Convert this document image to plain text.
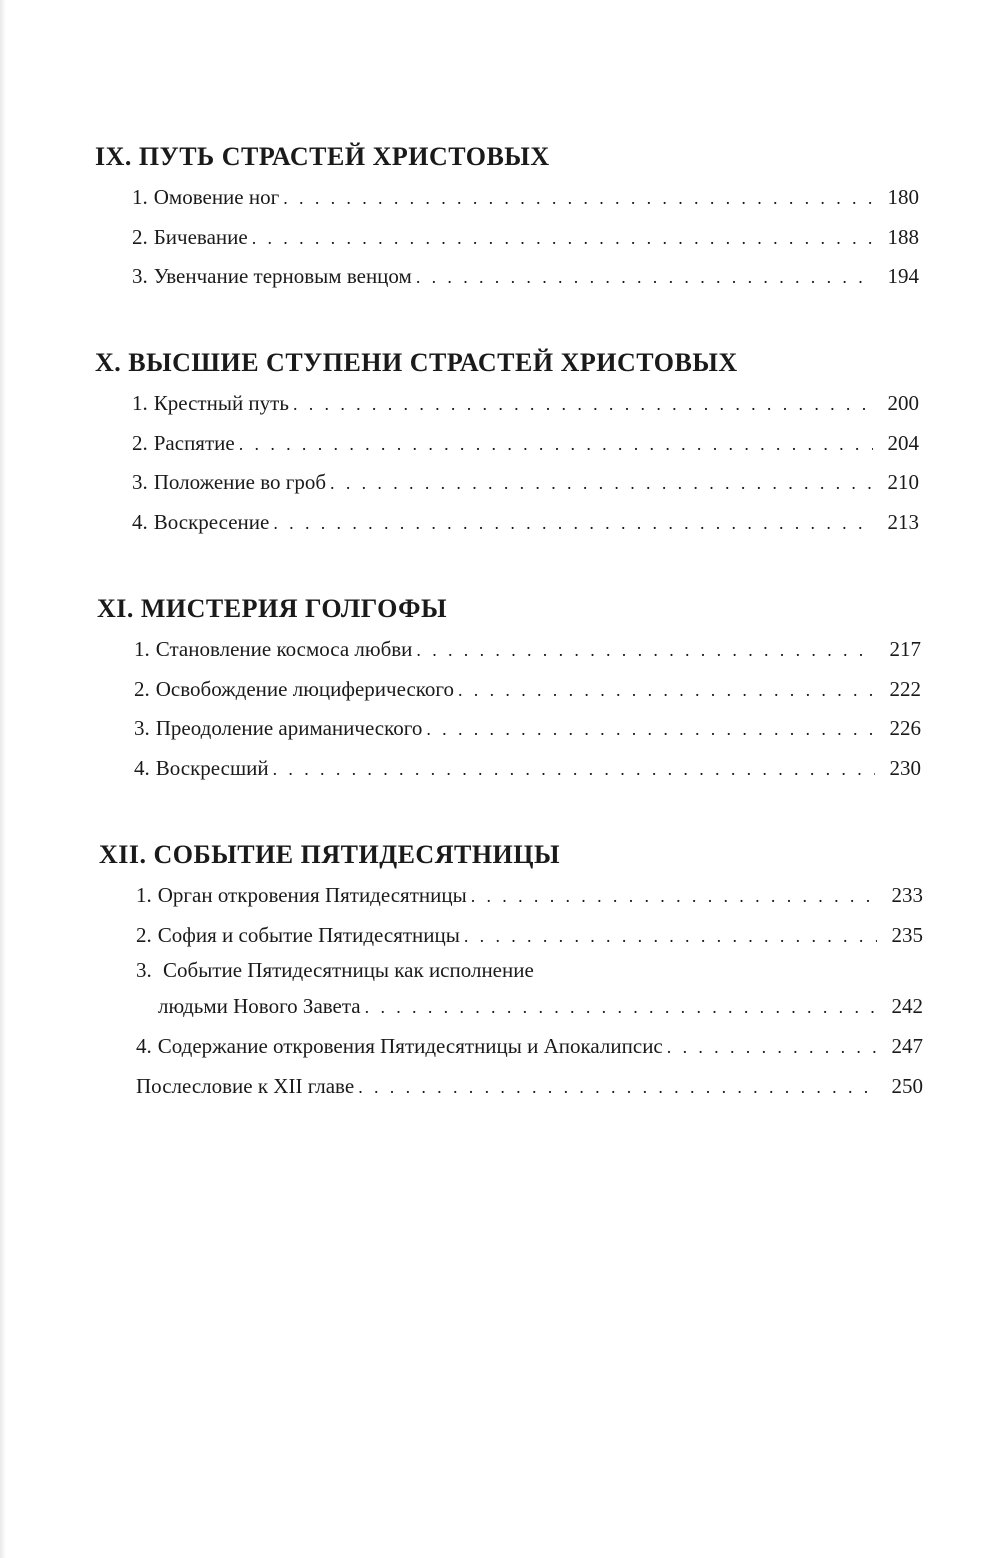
IX. ПУТЬ СТРАСТЕЙ ХРИСТОВЫХ
1. Омовение ног . . .	180
2. Бичевание . . .	188
3. Увенчание терновым венцом . . .	194
X. ВЫСШИЕ СТУПЕНИ СТРАСТЕЙ ХРИСТОВЫХ
1. Крестный путь . . .	200
2. Распятие . . .	204
3. Положение во гроб . . .	210
4. Воскресение . . .	213
XI. МИСТЕРИЯ ГОЛГОФЫ
1. Становление космоса любви . . .	217
2. Освобождение люциферического . . .	222
3. Преодоление ариманического . . .	226
4. Воскресший . . .	230
XII. СОБЫТИЕ ПЯТИДЕСЯТНИЦЫ
1. Орган откровения Пятидесятницы . . .	233
2. София и событие Пятидесятницы . . .	235
3. Событие Пятидесятницы как исполнение
людьми Нового Завета . . .	242
4. Содержание откровения Пятидесятницы и Апокалипсис . . .	247
Послесловие к XII главе . . .	250
